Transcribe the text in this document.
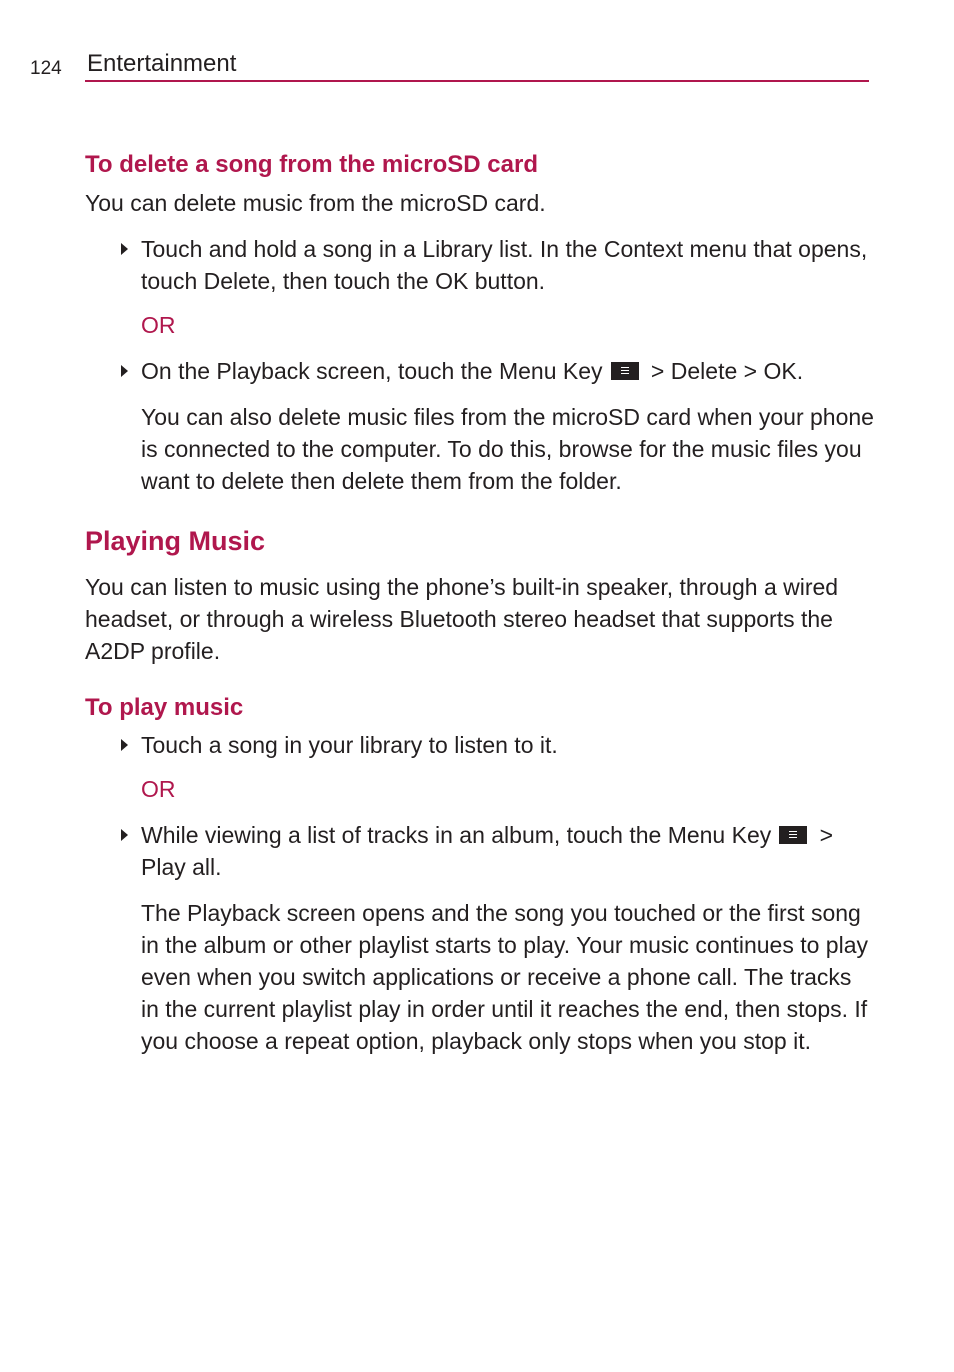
124 Entertainment
To delete a song from the microSD card

You can delete music from the microSD card.

Touch and hold a song in a Library list. In the Context menu that opens, touch Delete, then touch the OK button.

OR

On the Playback screen, touch the Menu Key
> Delete > OK.

You can also delete music files from the microSD card when your phone is connected to the computer. To do this, browse for the music files you want to delete then delete them from the folder.

Playing Music

You can listen to music using the phone’s built-in speaker, through a wired headset, or through a wireless Bluetooth stereo headset that supports the A2DP profile.

To play music

Touch a song in your library to listen to it.

OR

While viewing a list of tracks in an album, touch the Menu Key
> Play all.

The Playback screen opens and the song you touched or the first song in the album or other playlist starts to play. Your music continues to play even when you switch applications or receive a phone call. The tracks in the current playlist play in order until it reaches the end, then stops. If you choose a repeat option, playback only stops when you stop it.
